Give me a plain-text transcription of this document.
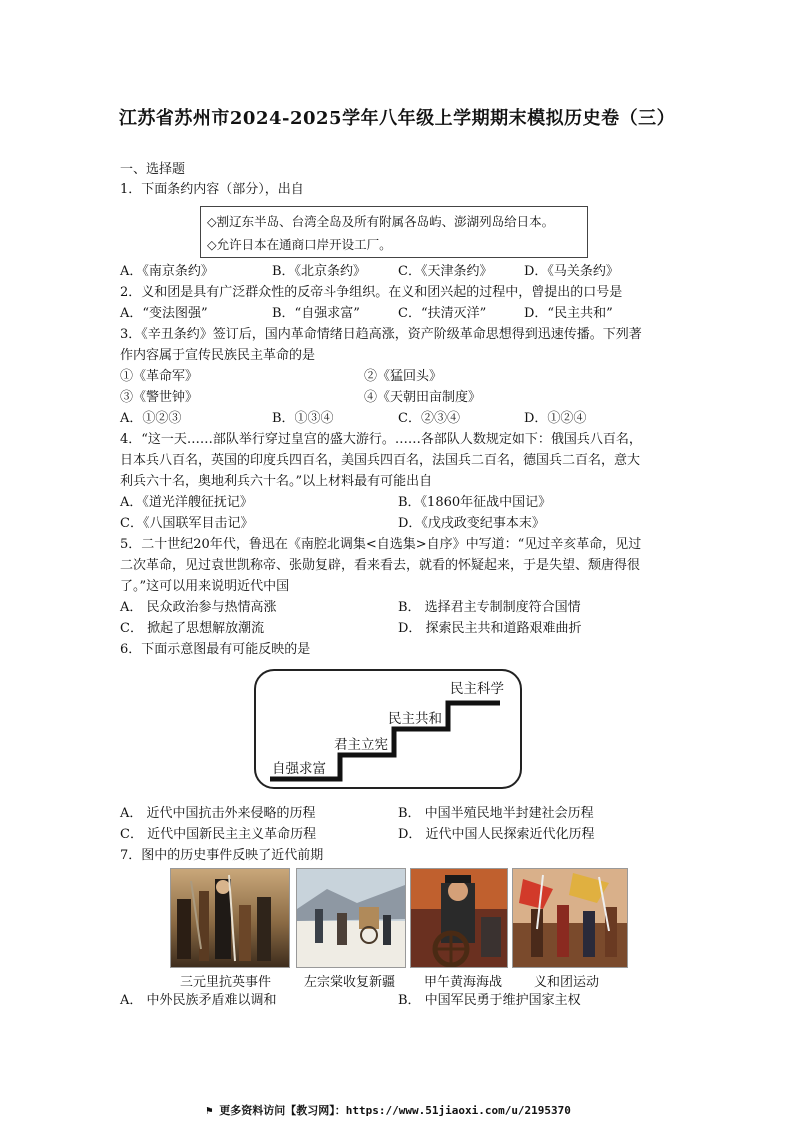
江苏省苏州市2024-2025学年八年级上学期期末模拟历史卷（三）
一、选择题
1．下面条约内容（部分），出自
◇割辽东半岛、台湾全岛及所有附属各岛屿、澎湖列岛给日本。
◇允许日本在通商口岸开设工厂。
A．《南京条约》	B．《北京条约》 C．《天津条约》 D．《马关条约》
2．义和团是具有广泛群众性的反帝斗争组织。在义和团兴起的过程中，曾提出的口号是
A．“变法图强”	B．“自强求富”	C．“扶清灭洋”	D．“民主共和”
3．《辛丑条约》签订后，国内革命情绪日趋高涨，资产阶级革命思想得到迅速传播。下列著
作内容属于宣传民族民主革命的是
①《革命军》	②《猛回头》
③《警世钟》	④《天朝田亩制度》
A．①②③	B．①③④	C．②③④	D．①②④
4．“这一天……部队举行穿过皇宫的盛大游行。……各部队人数规定如下：俄国兵八百名，
日本兵八百名，英国的印度兵四百名，美国兵四百名，法国兵二百名，德国兵二百名，意大
利兵六十名，奥地利兵六十名。”以上材料最有可能出自
A．《道光洋艘征抚记》	B．《1860年征战中国记》
C．《八国联军目击记》	D．《戊戌政变纪事本末》
5．二十世纪20年代，鲁迅在《南腔北调集<自选集>自序》中写道：“见过辛亥革命，见过
二次革命，见过袁世凯称帝、张勋复辟，看来看去，就看的怀疑起来，于是失望、颓唐得很
了。”这可以用来说明近代中国
A． 民众政治参与热情高涨	B． 选择君主专制制度符合国情
C． 掀起了思想解放潮流	D． 探索民主共和道路艰难曲折
6．下面示意图最有可能反映的是
自强求富
君主立宪
民主共和
民主科学
A． 近代中国抗击外来侵略的历程	B． 中国半殖民地半封建社会历程
C． 近代中国新民主主义革命历程	D． 近代中国人民探索近代化历程
7．图中的历史事件反映了近代前期
三元里抗英事件	左宗棠收复新疆 甲午黄海海战 义和团运动
A． 中外民族矛盾难以调和	B． 中国军民勇于维护国家主权
⚑ 更多资料访问【教习网】：https://www.51jiaoxi.com/u/2195370
